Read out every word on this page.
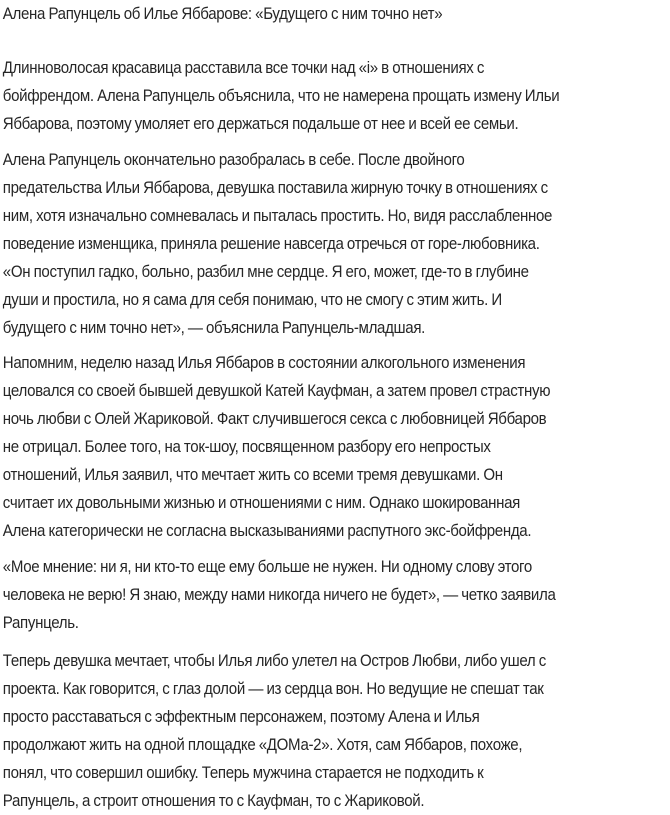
Алена Рапунцель об Илье Яббарове: «Будущего с ним точно нет»

Длинноволосая красавица расставила все точки над «і» в отношениях с
бойфрендом. Алена Рапунцель объяснила, что не намерена прощать измену Ильи
Яббарова, поэтому умоляет его держаться подальше от нее и всей ее семьи.

Алена Рапунцель окончательно разобралась в себе. После двойного
предательства Ильи Яббарова, девушка поставила жирную точку в отношениях с
ним, хотя изначально сомневалась и пыталась простить. Но, видя расслабленное
поведение изменщика, приняла решение навсегда отречься от горе-любовника.
«Он поступил гадко, больно, разбил мне сердце. Я его, может, где-то в глубине
души и простила, но я сама для себя понимаю, что не смогу с этим жить. И
будущего с ним точно нет», — объяснила Рапунцель-младшая.

Напомним, неделю назад Илья Яббаров в состоянии алкогольного изменения
целовался со своей бывшей девушкой Катей Кауфман, а затем провел страстную
ночь любви с Олей Жариковой. Факт случившегося секса с любовницей Яббаров
не отрицал. Более того, на ток-шоу, посвященном разбору его непростых
отношений, Илья заявил, что мечтает жить со всеми тремя девушками. Он
считает их довольными жизнью и отношениями с ним. Однако шокированная
Алена категорически не согласна высказываниями распутного экс-бойфренда.

«Мое мнение: ни я, ни кто-то еще ему больше не нужен. Ни одному слову этого
человека не верю! Я знаю, между нами никогда ничего не будет», — четко заявила
Рапунцель.

Теперь девушка мечтает, чтобы Илья либо улетел на Остров Любви, либо ушел с
проекта. Как говорится, с глаз долой — из сердца вон. Но ведущие не спешат так
просто расставаться с эффектным персонажем, поэтому Алена и Илья
продолжают жить на одной площадке «ДОМа-2». Хотя, сам Яббаров, похоже,
понял, что совершил ошибку. Теперь мужчина старается не подходить к
Рапунцель, а строит отношения то с Кауфман, то с Жариковой.
